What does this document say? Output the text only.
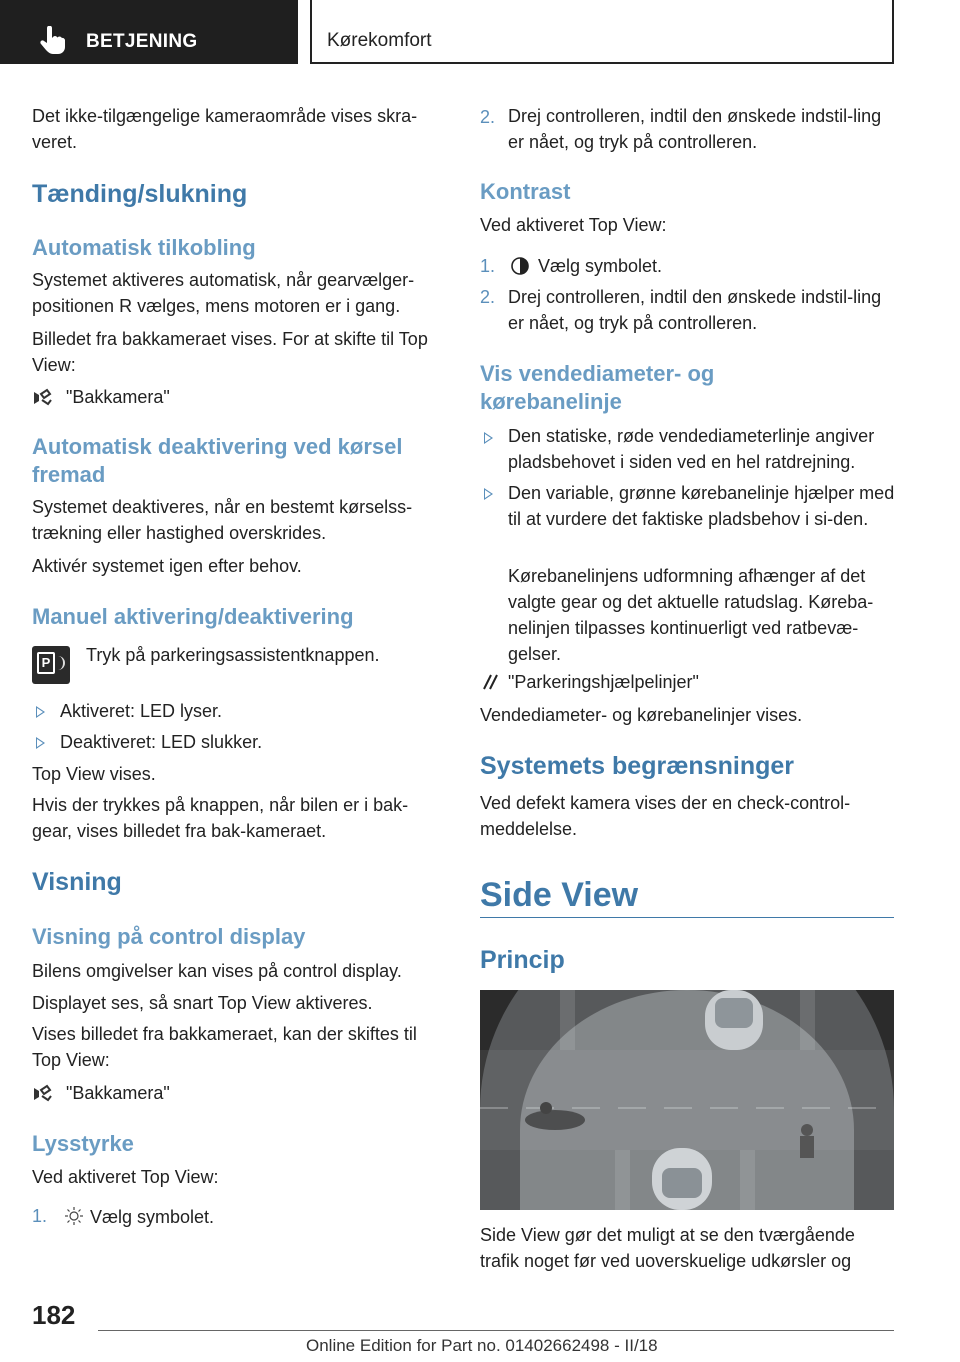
BETJENING	Kørekomfort

Det ikke-tilgængelige kameraområde vises skra-veret.

Tænding/slukning
Automatisk tilkobling

Systemet aktiveres automatisk, når gearvælger-positionen R vælges, mens motoren er i gang.

Billedet fra bakkameraet vises. For at skifte til Top View:

"Bakkamera"

Automatisk deaktivering ved kørsel fremad

Systemet deaktiveres, når en bestemt kørselss-trækning eller hastighed overskrides.

Aktivér systemet igen efter behov.

Manuel aktivering/deaktivering
P Tryk på parkeringsassistentknappen.

Aktiveret: LED lyser.

Deaktiveret: LED slukker.

Top View vises.

Hvis der trykkes på knappen, når bilen er i bak-gear, vises billedet fra bak-kameraet.

Visning
Visning på control display

Bilens omgivelser kan vises på control display.

Displayet ses, så snart Top View aktiveres.

Vises billedet fra bakkameraet, kan der skiftes til Top View:

"Bakkamera"

Lysstyrke

Ved aktiveret Top View:

1. Vælg symbolet.

2. Drej controlleren, indtil den ønskede indstil-ling er nået, og tryk på controlleren.

Kontrast

Ved aktiveret Top View:

1. Vælg symbolet.

2. Drej controlleren, indtil den ønskede indstil-ling er nået, og tryk på controlleren.

Vis vendediameter- og kørebanelinje

Den statiske, røde vendediameterlinje angiver pladsbehovet i siden ved en hel ratdrejning.

Den variable, grønne kørebanelinje hjælper med til at vurdere det faktiske pladsbehov i si-den.

Kørebanelinjens udformning afhænger af det valgte gear og det aktuelle ratudslag. Køreba-nelinjen tilpasses kontinuerligt ved ratbevæ-gelser.

"Parkeringshjælpelinjer"

Vendediameter- og kørebanelinjer vises.

Systemets begrænsninger

Ved defekt kamera vises der en check-control-meddelelse.

Side View
Princip

Side View gør det muligt at se den tværgående trafik noget før ved uoverskuelige udkørsler og

182
Online Edition for Part no. 01402662498 - II/18
